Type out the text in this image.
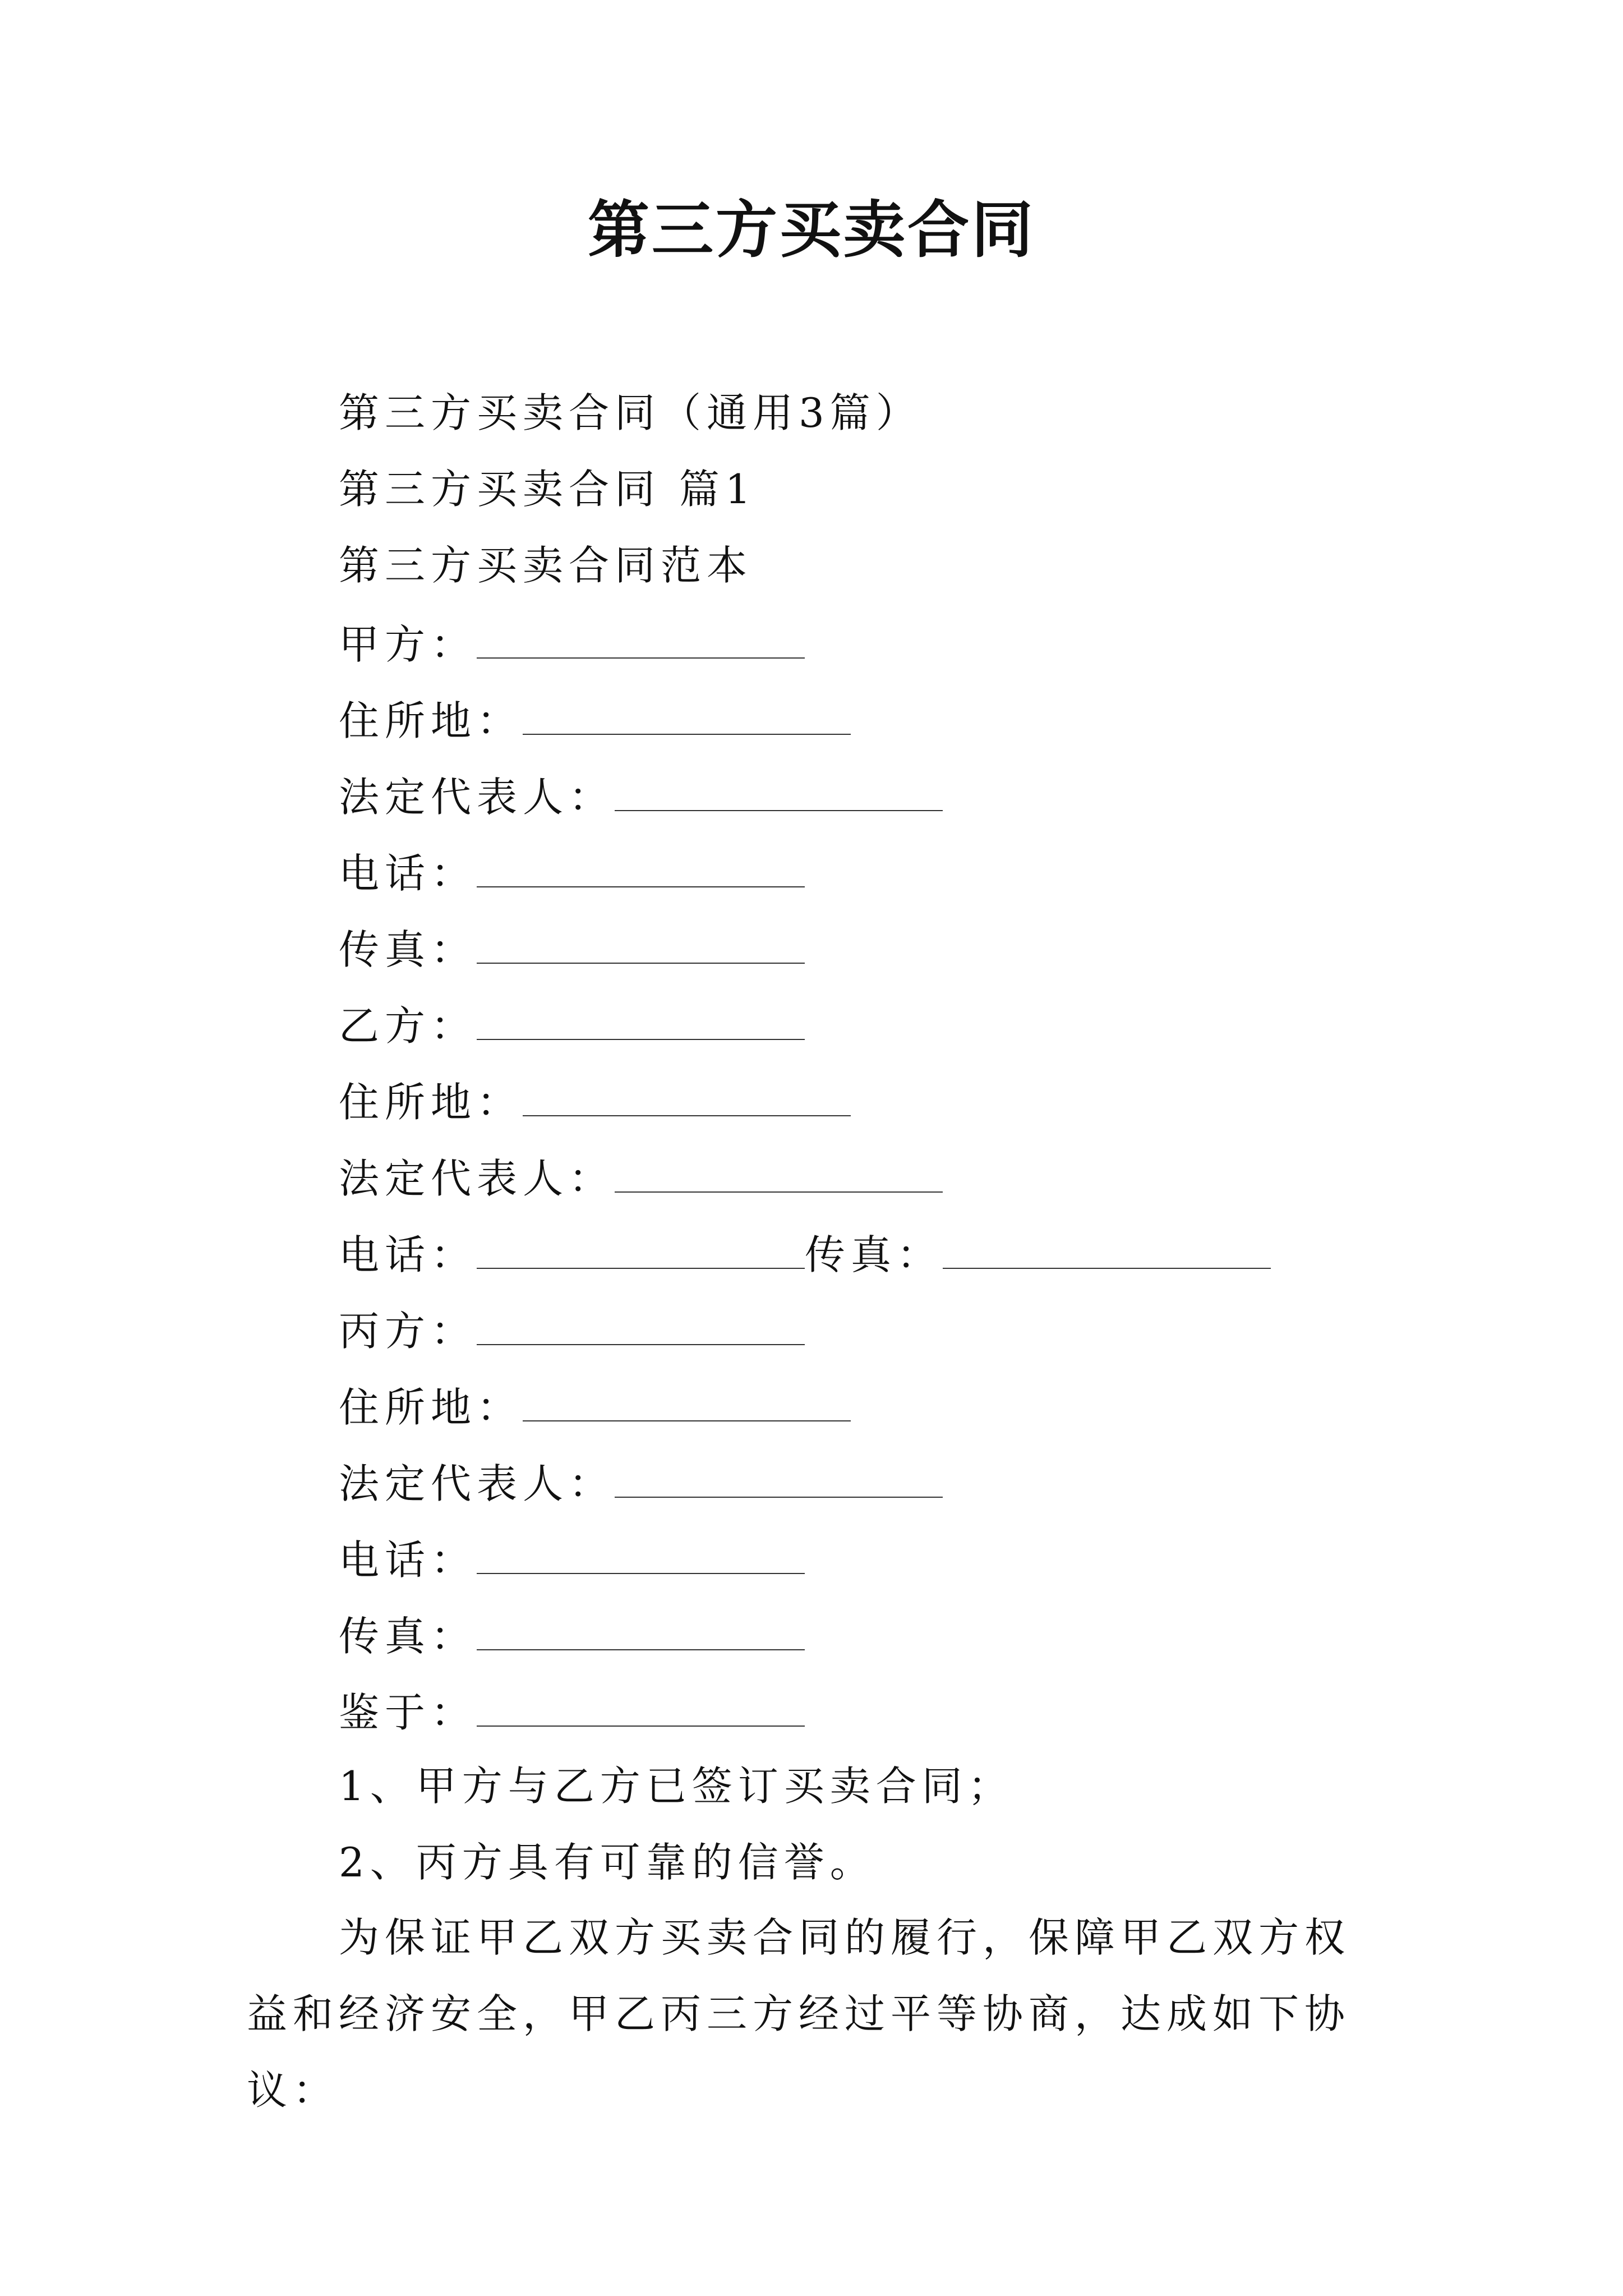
第三方买卖合同
第三方买卖合同（通用3篇）
第三方买卖合同 篇1
第三方买卖合同范本
甲方：
住所地：
法定代表人：
电话：
传真：
乙方：
住所地：
法定代表人：
电话：	传真：
丙方：
住所地：
法定代表人：
电话：
传真：
鉴于：
1、甲方与乙方已签订买卖合同；
2、丙方具有可靠的信誉。
为保证甲乙双方买卖合同的履行，保障甲乙双方权益和经济安全，甲乙丙三方经过平等协商，达成如下协议：
